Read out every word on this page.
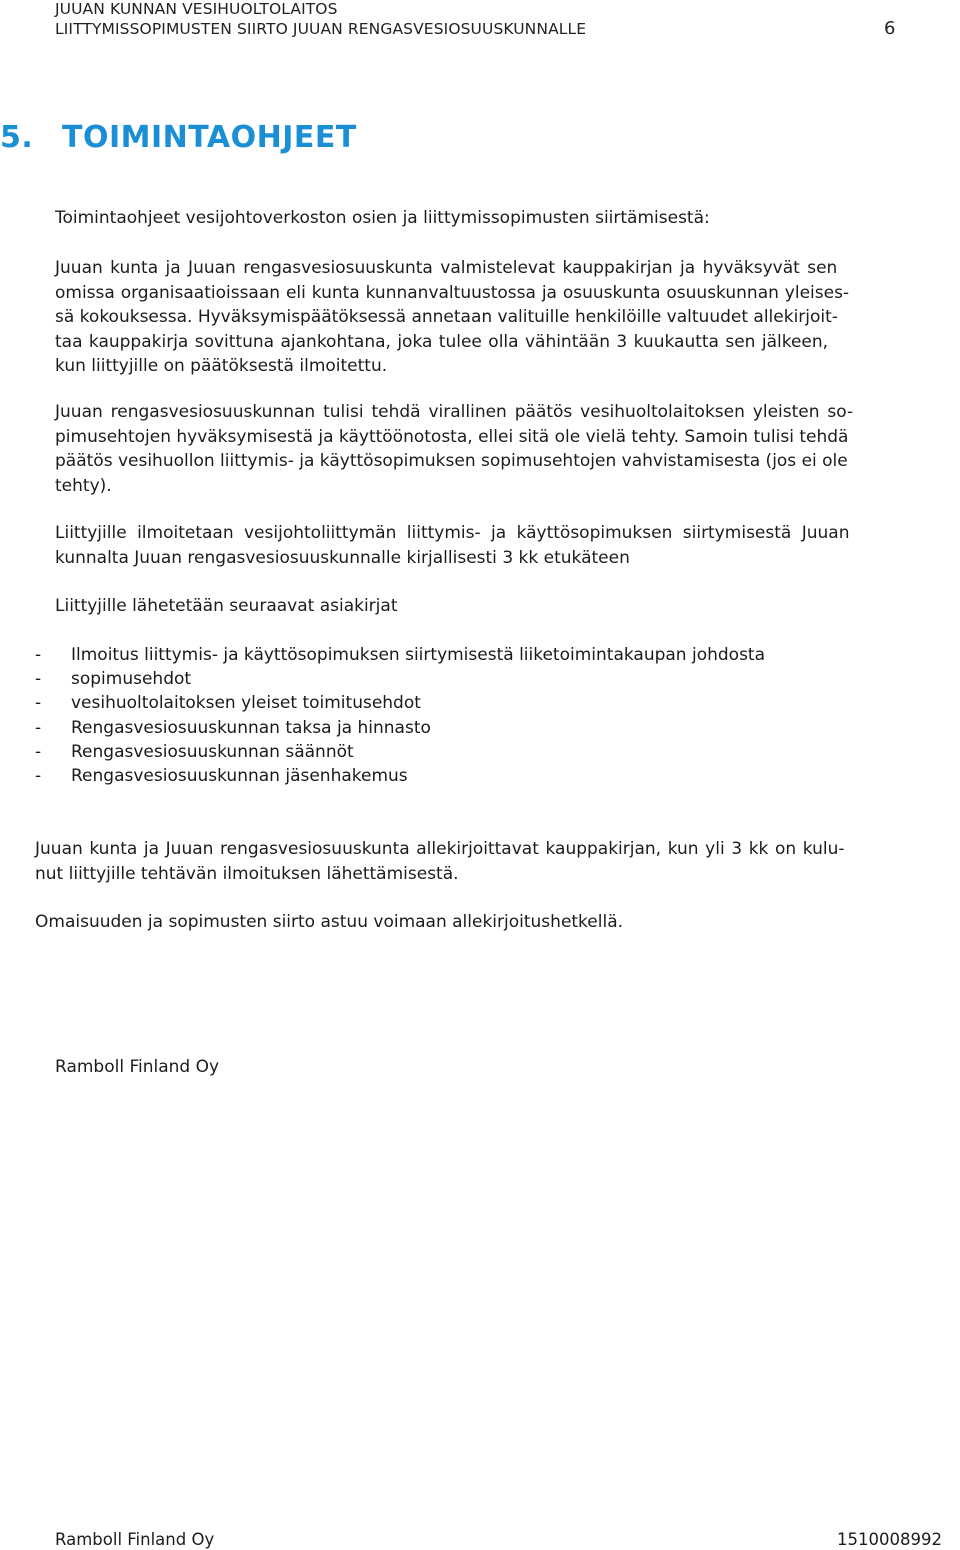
JUUAN KUNNAN VESIHUOLTOLAITOS
LIITTYMISSOPIMUSTEN SIIRTO JUUAN RENGASVESIOSUUSKUNNALLE	6
5. TOIMINTAOHJEET
Toimintaohjeet vesijohtoverkoston osien ja liittymissopimusten siirtämisestä:
Juuan kunta ja Juuan rengasvesiosuuskunta valmistelevat kauppakirjan ja hyväksyvät sen
omissa organisaatioissaan eli kunta kunnanvaltuustossa ja osuuskunta osuuskunnan yleises-
sä kokouksessa. Hyväksymispäätöksessä annetaan valituille henkilöille valtuudet allekirjoit-
taa kauppakirja sovittuna ajankohtana, joka tulee olla vähintään 3 kuukautta sen jälkeen,
kun liittyjille on päätöksestä ilmoitettu.
Juuan rengasvesiosuuskunnan tulisi tehdä virallinen päätös vesihuoltolaitoksen yleisten so-
pimusehtojen hyväksymisestä ja käyttöönotosta, ellei sitä ole vielä tehty. Samoin tulisi tehdä
päätös vesihuollon liittymis- ja käyttösopimuksen sopimusehtojen vahvistamisesta (jos ei ole
tehty).
Liittyjille ilmoitetaan vesijohtoliittymän liittymis- ja käyttösopimuksen siirtymisestä Juuan
kunnalta Juuan rengasvesiosuuskunnalle kirjallisesti 3 kk etukäteen
Liittyjille lähetetään seuraavat asiakirjat
- Ilmoitus liittymis- ja käyttösopimuksen siirtymisestä liiketoimintakaupan johdosta
- sopimusehdot
- vesihuoltolaitoksen yleiset toimitusehdot
- Rengasvesiosuuskunnan taksa ja hinnasto
- Rengasvesiosuuskunnan säännöt
- Rengasvesiosuuskunnan jäsenhakemus
Juuan kunta ja Juuan rengasvesiosuuskunta allekirjoittavat kauppakirjan, kun yli 3 kk on kulu-
nut liittyjille tehtävän ilmoituksen lähettämisestä.
Omaisuuden ja sopimusten siirto astuu voimaan allekirjoitushetkellä.
Ramboll Finland Oy
Ramboll Finland Oy	1510008992
